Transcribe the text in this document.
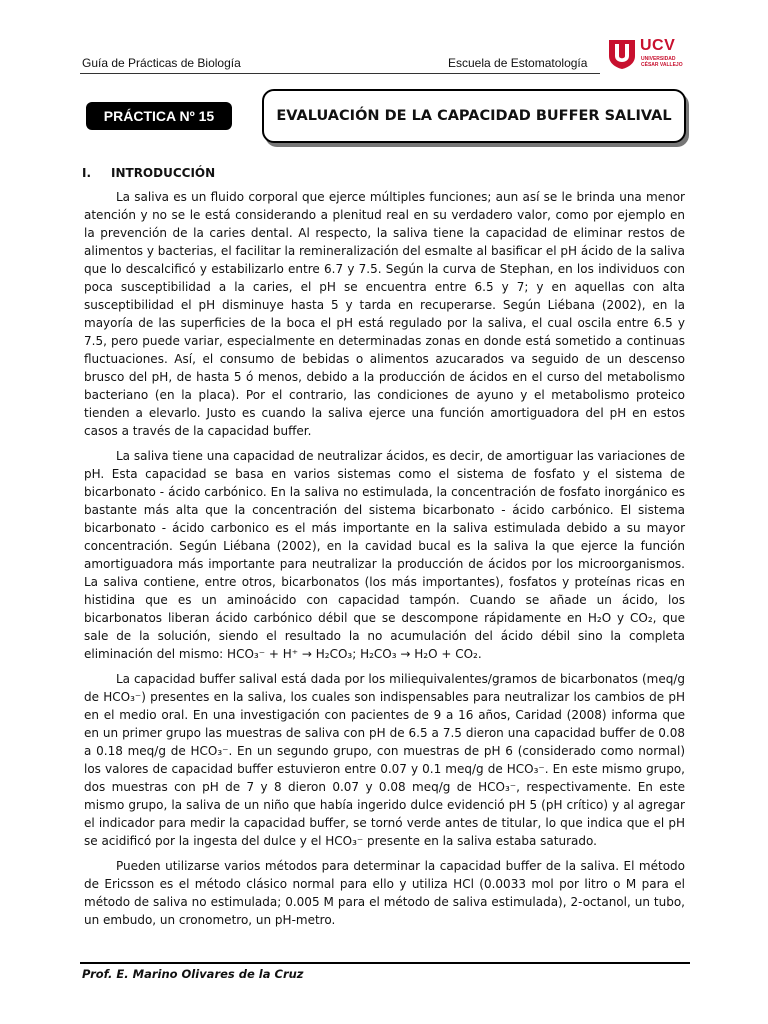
Guía de Prácticas de Biología	Escuela de Estomatología
UCV
UNIVERSIDAD CÉSAR VALLEJO
PRÁCTICA Nº 15	EVALUACIÓN DE LA CAPACIDAD BUFFER SALIVAL
I. INTRODUCCIÓN

La saliva es un fluido corporal que ejerce múltiples funciones; aun así se le brinda una menor atención y no se le está considerando a plenitud real en su verdadero valor, como por ejemplo en la prevención de la caries dental. Al respecto, la saliva tiene la capacidad de eliminar restos de alimentos y bacterias, el facilitar la remineralización del esmalte al basificar el pH ácido de la saliva que lo descalcificó y estabilizarlo entre 6.7 y 7.5. Según la curva de Stephan, en los individuos con poca susceptibilidad a la caries, el pH se encuentra entre 6.5 y 7; y en aquellas con alta susceptibilidad el pH disminuye hasta 5 y tarda en recuperarse. Según Liébana (2002), en la mayoría de las superficies de la boca el pH está regulado por la saliva, el cual oscila entre 6.5 y 7.5, pero puede variar, especialmente en determinadas zonas en donde está sometido a continuas fluctuaciones. Así, el consumo de bebidas o alimentos azucarados va seguido de un descenso brusco del pH, de hasta 5 ó menos, debido a la producción de ácidos en el curso del metabolismo bacteriano (en la placa). Por el contrario, las condiciones de ayuno y el metabolismo proteico tienden a elevarlo. Justo es cuando la saliva ejerce una función amortiguadora del pH en estos casos a través de la capacidad buffer.

La saliva tiene una capacidad de neutralizar ácidos, es decir, de amortiguar las variaciones de pH. Esta capacidad se basa en varios sistemas como el sistema de fosfato y el sistema de bicarbonato - ácido carbónico. En la saliva no estimulada, la concentración de fosfato inorgánico es bastante más alta que la concentración del sistema bicarbonato - ácido carbónico. El sistema bicarbonato - ácido carbonico es el más importante en la saliva estimulada debido a su mayor concentración. Según Liébana (2002), en la cavidad bucal es la saliva la que ejerce la función amortiguadora más importante para neutralizar la producción de ácidos por los microorganismos. La saliva contiene, entre otros, bicarbonatos (los más importantes), fosfatos y proteínas ricas en histidina que es un aminoácido con capacidad tampón. Cuando se añade un ácido, los bicarbonatos liberan ácido carbónico débil que se descompone rápidamente en H₂O y CO₂, que sale de la solución, siendo el resultado la no acumulación del ácido débil sino la completa eliminación del mismo: HCO₃⁻ + H⁺ → H₂CO₃; H₂CO₃ → H₂O + CO₂.

La capacidad buffer salival está dada por los miliequivalentes/gramos de bicarbonatos (meq/g de HCO₃⁻) presentes en la saliva, los cuales son indispensables para neutralizar los cambios de pH en el medio oral. En una investigación con pacientes de 9 a 16 años, Caridad (2008) informa que en un primer grupo las muestras de saliva con pH de 6.5 a 7.5 dieron una capacidad buffer de 0.08 a 0.18 meq/g de HCO₃⁻. En un segundo grupo, con muestras de pH 6 (considerado como normal) los valores de capacidad buffer estuvieron entre 0.07 y 0.1 meq/g de HCO₃⁻. En este mismo grupo, dos muestras con pH de 7 y 8 dieron 0.07 y 0.08 meq/g de HCO₃⁻, respectivamente. En este mismo grupo, la saliva de un niño que había ingerido dulce evidenció pH 5 (pH crítico) y al agregar el indicador para medir la capacidad buffer, se tornó verde antes de titular, lo que indica que el pH se acidificó por la ingesta del dulce y el HCO₃⁻ presente en la saliva estaba saturado.

Pueden utilizarse varios métodos para determinar la capacidad buffer de la saliva. El método de Ericsson es el método clásico normal para ello y utiliza HCl (0.0033 mol por litro o M para el método de saliva no estimulada; 0.005 M para el método de saliva estimulada), 2-octanol, un tubo, un embudo, un cronometro, un pH-metro.

Prof. E. Marino Olivares de la Cruz
